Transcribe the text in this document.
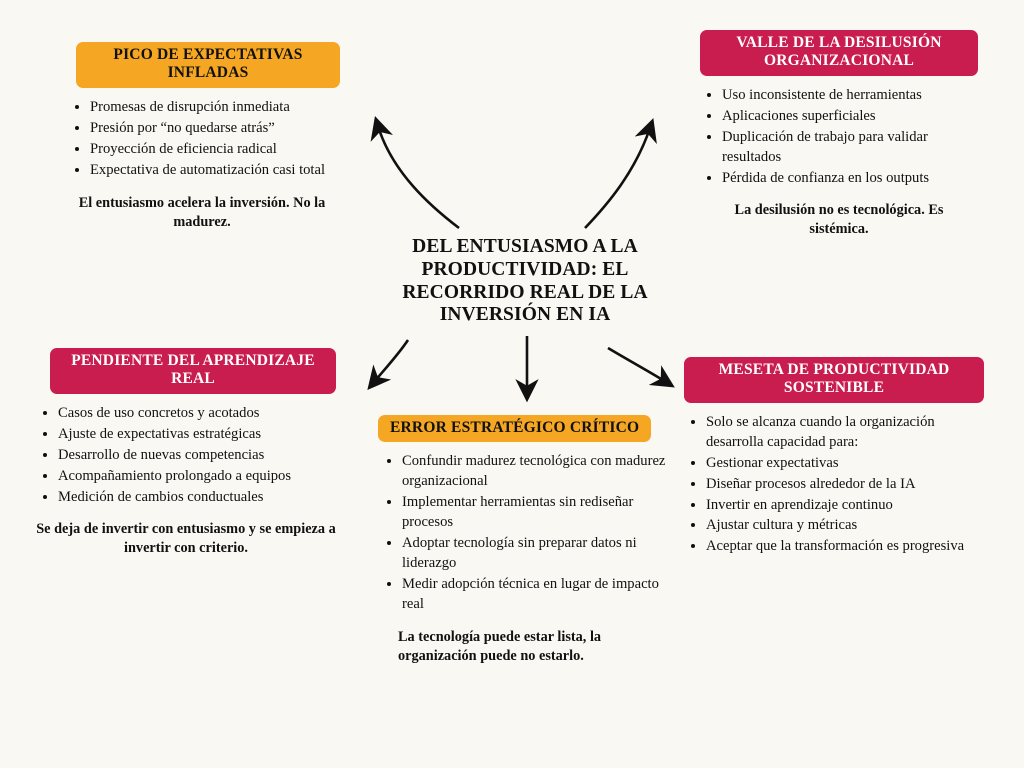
DEL ENTUSIASMO A LA PRODUCTIVIDAD: EL RECORRIDO REAL DE LA INVERSIÓN EN IA
PICO DE EXPECTATIVAS INFLADAS
• Promesas de disrupción inmediata
• Presión por “no quedarse atrás”
• Proyección de eficiencia radical
• Expectativa de automatización casi total
El entusiasmo acelera la inversión. No la madurez.
VALLE DE LA DESILUSIÓN ORGANIZACIONAL
• Uso inconsistente de herramientas
• Aplicaciones superficiales
• Duplicación de trabajo para validar resultados
• Pérdida de confianza en los outputs
La desilusión no es tecnológica. Es sistémica.
PENDIENTE DEL APRENDIZAJE REAL
• Casos de uso concretos y acotados
• Ajuste de expectativas estratégicas
• Desarrollo de nuevas competencias
• Acompañamiento prolongado a equipos
• Medición de cambios conductuales
Se deja de invertir con entusiasmo y se empieza a invertir con criterio.
ERROR ESTRATÉGICO CRÍTICO
• Confundir madurez tecnológica con madurez organizacional
• Implementar herramientas sin rediseñar procesos
• Adoptar tecnología sin preparar datos ni liderazgo
• Medir adopción técnica en lugar de impacto real
La tecnología puede estar lista, la organización puede no estarlo.
MESETA DE PRODUCTIVIDAD SOSTENIBLE
• Solo se alcanza cuando la organización desarrolla capacidad para:
• Gestionar expectativas
• Diseñar procesos alrededor de la IA
• Invertir en aprendizaje continuo
• Ajustar cultura y métricas
• Aceptar que la transformación es progresiva
